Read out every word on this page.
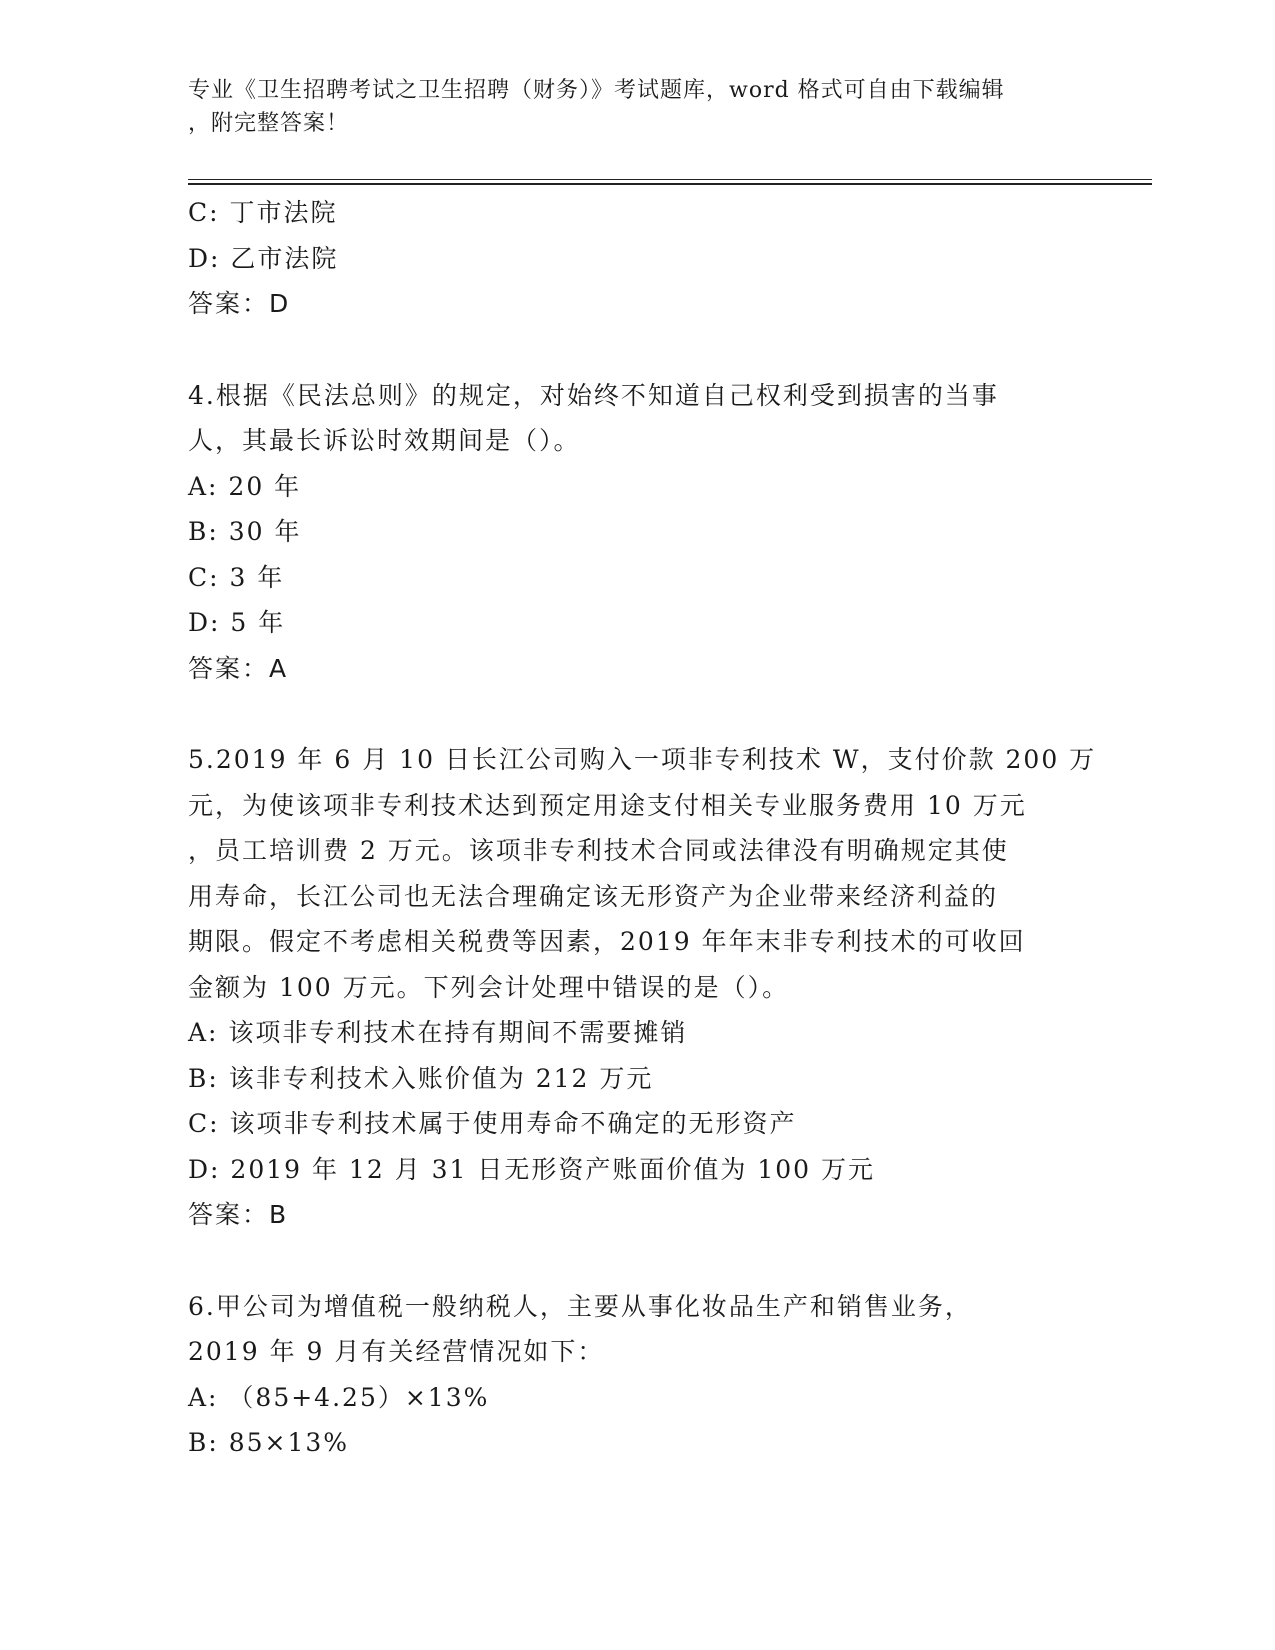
专业《卫生招聘考试之卫生招聘（财务）》考试题库，word 格式可自由下载编辑
，附完整答案！
C: 丁市法院
D: 乙市法院
答案：D
4.根据《民法总则》的规定，对始终不知道自己权利受到损害的当事
人，其最长诉讼时效期间是（）。
A: 20 年
B: 30 年
C: 3 年
D: 5 年
答案：A
5.2019 年 6 月 10 日长江公司购入一项非专利技术 W，支付价款 200 万
元，为使该项非专利技术达到预定用途支付相关专业服务费用 10 万元
，员工培训费 2 万元。该项非专利技术合同或法律没有明确规定其使
用寿命，长江公司也无法合理确定该无形资产为企业带来经济利益的
期限。假定不考虑相关税费等因素，2019 年年末非专利技术的可收回
金额为 100 万元。下列会计处理中错误的是（）。
A: 该项非专利技术在持有期间不需要摊销
B: 该非专利技术入账价值为 212 万元
C: 该项非专利技术属于使用寿命不确定的无形资产
D: 2019 年 12 月 31 日无形资产账面价值为 100 万元
答案：B
6.甲公司为增值税一般纳税人，主要从事化妆品生产和销售业务，
2019 年 9 月有关经营情况如下：
A: （85+4.25）×13%
B: 85×13%
